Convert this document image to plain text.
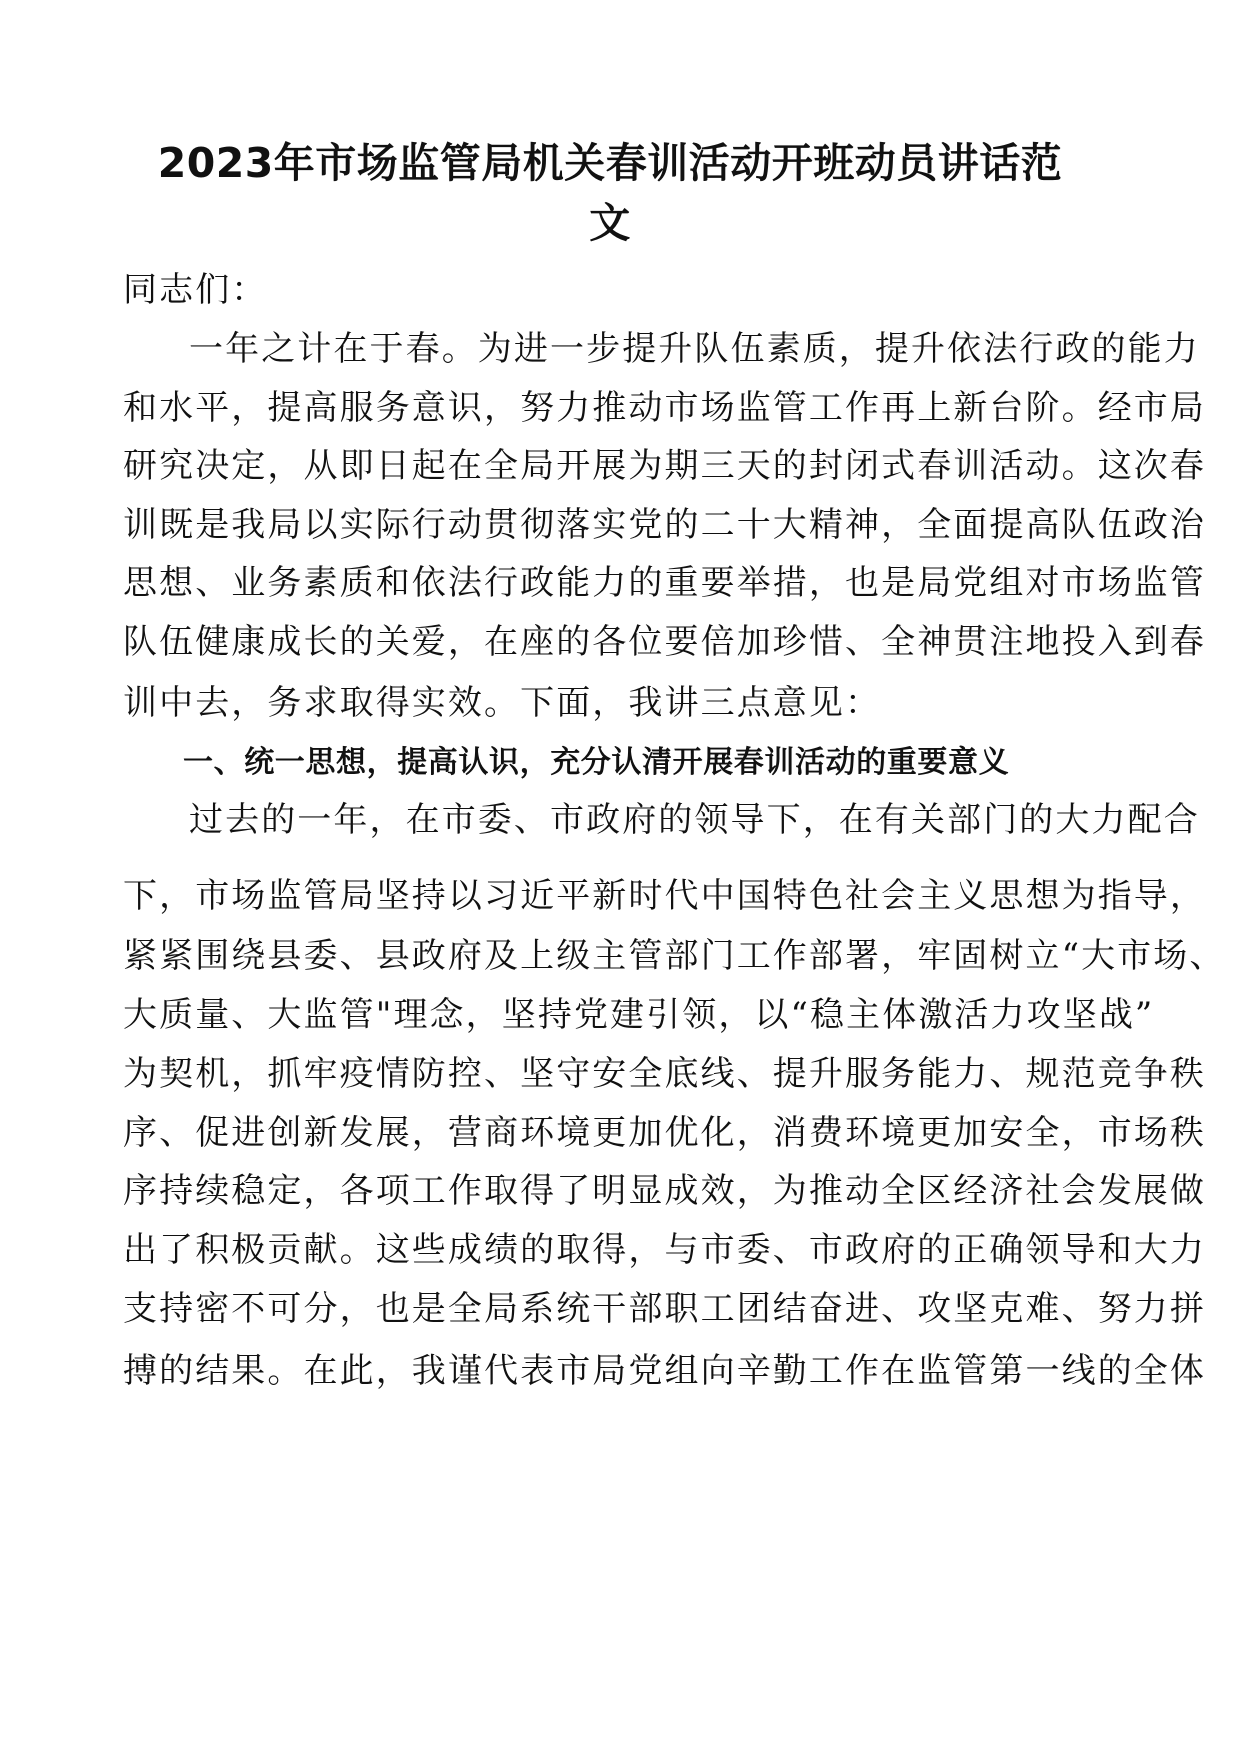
2023年市场监管局机关春训活动开班动员讲话范
文
同志们：
一年之计在于春。为进一步提升队伍素质，提升依法行政的能力
和水平，提高服务意识，努力推动市场监管工作再上新台阶。经市局
研究决定，从即日起在全局开展为期三天的封闭式春训活动。这次春
训既是我局以实际行动贯彻落实党的二十大精神，全面提高队伍政治
思想、业务素质和依法行政能力的重要举措，也是局党组对市场监管
队伍健康成长的关爱，在座的各位要倍加珍惜、全神贯注地投入到春
训中去，务求取得实效。下面，我讲三点意见：
一、统一思想，提高认识，充分认清开展春训活动的重要意义
过去的一年，在市委、市政府的领导下，在有关部门的大力配合
下，市场监管局坚持以习近平新时代中国特色社会主义思想为指导，
紧紧围绕县委、县政府及上级主管部门工作部署，牢固树立“大市场、
大质量、大监管"理念，坚持党建引领，以“稳主体激活力攻坚战”
为契机，抓牢疫情防控、坚守安全底线、提升服务能力、规范竞争秩
序、促进创新发展，营商环境更加优化，消费环境更加安全，市场秩
序持续稳定，各项工作取得了明显成效，为推动全区经济社会发展做
出了积极贡献。这些成绩的取得，与市委、市政府的正确领导和大力
支持密不可分，也是全局系统干部职工团结奋进、攻坚克难、努力拼
搏的结果。在此，我谨代表市局党组向辛勤工作在监管第一线的全体
